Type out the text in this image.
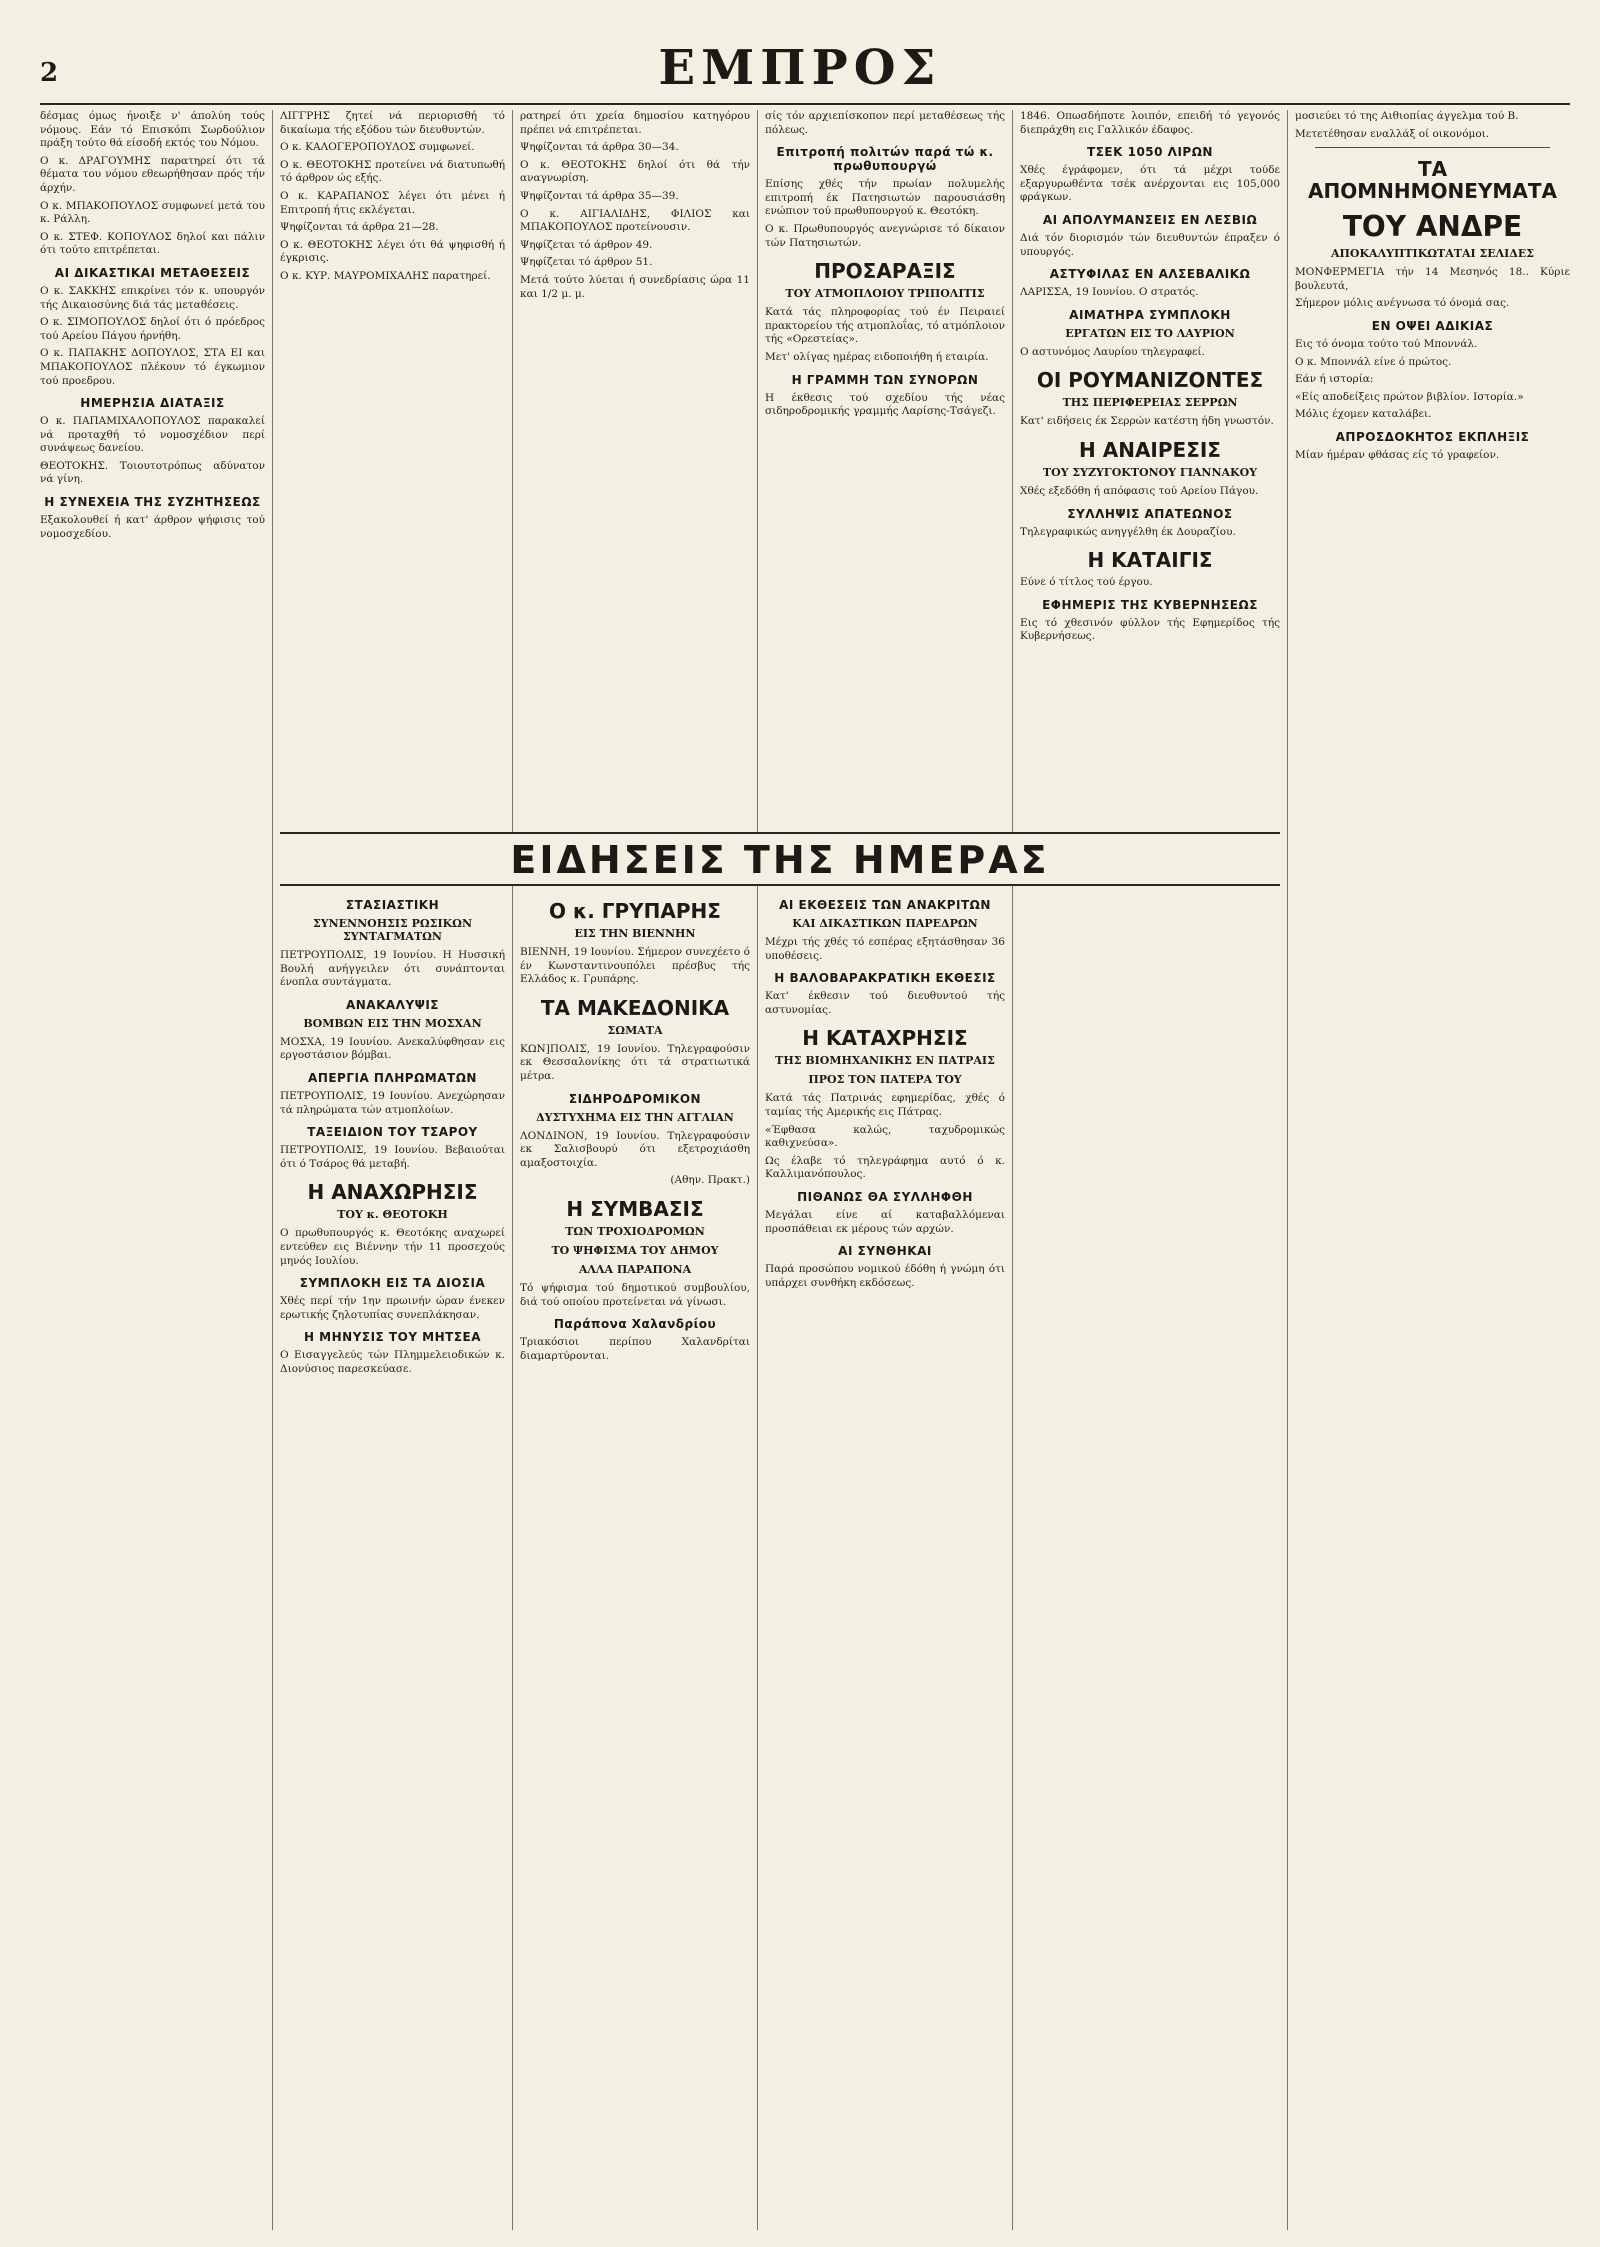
2	ΕΜΠΡΟΣ

δέσμας όμως ήνοιξε ν' άπολύη τούς νόμους. Εάν τό Επισκόπι Σωρδούλιον πράξη τούτο θά είσοδή εκτός του Νόμου.

Ο κ. ΔΡΑΓΟΥΜΗΣ παρατηρεί ότι τά θέματα του νόμου εθεωρήθησαν πρός τήν άρχήν.

Ο κ. ΜΠΑΚΟΠΟΥΛΟΣ συμφωνεί μετά του κ. Ράλλη.

Ο κ. ΣΤΕΦ. ΚΟΠΟΥΛΟΣ δηλοί και πάλιν ότι τούτο επιτρέπεται.

ΑΙ ΔΙΚΑΣΤΙΚΑΙ ΜΕΤΑΘΕΣΕΙΣ

Ο κ. ΣΑΚΚΗΣ επικρίνει τόν κ. υπουργόν τής Δικαιοσύνης διά τάς μεταθέσεις.

Ο κ. ΣΙΜΟΠΟΥΛΟΣ δηλοί ότι ό πρόεδρος τού Αρείου Πάγου ήρνήθη.

Ο κ. ΠΑΠΑΚΗΣ ΔΟΠΟΥΛΟΣ, ΣΤΑ ΕΙ και ΜΠΑΚΟΠΟΥΛΟΣ πλέκουν τό έγκωμιον τού προεδρου.

ΗΜΕΡΗΣΙΑ ΔΙΑΤΑΞΙΣ

Ο κ. ΠΑΠΑΜΙΧΑΛΟΠΟΥΛΟΣ παρακαλεί νά προταχθή τό νομοσχέδιον περί συνάψεως δανείου.

ΘΕΟΤΟΚΗΣ. Τοιουτοτρόπως αδύνατον νά γίνη.

Η ΣΥΝΕΧΕΙΑ ΤΗΣ ΣΥΖΗΤΗΣΕΩΣ

Εξακολουθεί ή κατ' άρθρον ψήφισις τού νομοσχεδίου.

ΛΙΓΓΡΗΣ ζητεί νά περιορισθή τό δικαίωμα τής εξόδου τών διευθυντών.

Ο κ. ΚΑΛΟΓΕΡΟΠΟΥΛΟΣ συμφωνεί.

Ο κ. ΘΕΟΤΟΚΗΣ προτείνει νά διατυπωθή τό άρθρον ώς εξής.

Ο κ. ΚΑΡΑΠΑΝΟΣ λέγει ότι μένει ή Επιτροπή ήτις εκλέγεται.

Ψηφίζονται τά άρθρα 21—28.

Ο κ. ΘΕΟΤΟΚΗΣ λέγει ότι θά ψηφισθή ή έγκρισις.

Ο κ. ΚΥΡ. ΜΑΥΡΟΜΙΧΑΛΗΣ παρατηρεί.

ρατηρεί ότι χρεία δημοσίου κατηγόρου πρέπει νά επιτρέπεται.

Ψηφίζονται τά άρθρα 30—34.

Ο κ. ΘΕΟΤΟΚΗΣ δηλοί ότι θά τήν αναγνωρίση.

Ψηφίζονται τά άρθρα 35—39.

Ο κ. ΑΙΓΙΑΛΙΔΗΣ, ΦΙΛΙΟΣ και ΜΠΑΚΟΠΟΥΛΟΣ προτείνουσιν.

Ψηφίζεται τό άρθρον 49.

Ψηφίζεται τό άρθρον 51.

Μετά τούτο λύεται ή συνεδρίασις ώρα 11 και 1/2 μ. μ.

σίς τόν αρχιεπίσκοπον περί μεταθέσεως τής πόλεως.

Επιτροπή πολιτών παρά τώ κ. πρωθυπουργώ

Επίσης χθές τήν πρωίαν πολυμελής επιτροπή έκ Πατησιωτών παρουσιάσθη ενώπιον τού πρωθυπουργού κ. Θεοτόκη.

Ο κ. Πρωθυπουργός ανεγνώρισε τό δίκαιον τών Πατησιωτών.

ΠΡΟΣΑΡΑΞΙΣ
ΤΟΥ ΑΤΜΟΠΛΟΙΟΥ ΤΡΙΠΟΛΙΤΙΣ

Κατά τάς πληροφορίας τού έν Πειραιεί πρακτορείου τής ατμοπλοΐας, τό ατμόπλοιον τής «Ορεστείας».

Μετ' ολίγας ημέρας ειδοποιήθη ή εταιρία.

Η ΓΡΑΜΜΗ ΤΩΝ ΣΥΝΟΡΩΝ

Η έκθεσις τού σχεδίου τής νέας σιδηροδρομικής γραμμής Λαρίσης-Τσάγεζι.

ΕΙΔΗΣΕΙΣ ΤΗΣ ΗΜΕΡΑΣ
ΣΤΑΣΙΑΣΤΙΚΗ
ΣΥΝΕΝΝΟΗΣΙΣ ΡΩΣΙΚΩΝ ΣΥΝΤΑΓΜΑΤΩΝ

ΠΕΤΡΟΥΠΟΛΙΣ, 19 Ιουνίου. Η Ηυσσική Βουλή ανήγγειλεν ότι συνάπτονται ένοπλα συντάγματα.

ΑΝΑΚΑΛΥΨΙΣ
ΒΟΜΒΩΝ ΕΙΣ ΤΗΝ ΜΟΣΧΑΝ

ΜΟΣΧΑ, 19 Ιουνίου. Ανεκαλύφθησαν εις εργοστάσιον βόμβαι.

ΑΠΕΡΓΙΑ ΠΛΗΡΩΜΑΤΩΝ

ΠΕΤΡΟΥΠΟΛΙΣ, 19 Ιουνίου. Ανεχώρησαν τά πληρώματα τών ατμοπλοίων.

ΤΑΞΕΙΔΙΟΝ ΤΟΥ ΤΣΑΡΟΥ

ΠΕΤΡΟΥΠΟΛΙΣ, 19 Ιουνίου. Βεβαιούται ότι ό Τσάρος θά μεταβή.

Η ΑΝΑΧΩΡΗΣΙΣ
ΤΟΥ κ. ΘΕΟΤΟΚΗ

Ο πρωθυπουργός κ. Θεοτόκης αναχωρεί εντεύθεν εις Βιέννην τήν 11 προσεχούς μηνός Ιουλίου.

ΣΥΜΠΛΟΚΗ ΕΙΣ ΤΑ ΔΙΟΣΙΑ

Χθές περί τήν 1ην πρωινήν ώραν ένεκεν ερωτικής ζηλοτυπίας συνεπλάκησαν.

Η ΜΗΝΥΣΙΣ ΤΟΥ ΜΗΤΣΕΑ

Ο Εισαγγελεύς τών Πλημμελειοδικών κ. Διονύσιος παρεσκεύασε.

Ο κ. ΓΡΥΠΑΡΗΣ
ΕΙΣ ΤΗΝ ΒΙΕΝΝΗΝ

ΒΙΕΝΝΗ, 19 Ιουνίου. Σήμερον συνεχέετο ό έν Κωνσταντινουπόλει πρέσβυς τής Ελλάδος κ. Γρυπάρης.

ΤΑ ΜΑΚΕΔΟΝΙΚΑ
ΣΩΜΑΤΑ

ΚΩΝ]ΠΟΛΙΣ, 19 Ιουνίου. Τηλεγραφούσιν εκ Θεσσαλονίκης ότι τά στρατιωτικά μέτρα.

ΣΙΔΗΡΟΔΡΟΜΙΚΟΝ
ΔΥΣΤΥΧΗΜΑ ΕΙΣ ΤΗΝ ΑΓΓΛΙΑΝ

ΛΟΝΔΙΝΟΝ, 19 Ιουνίου. Τηλεγραφούσιν εκ Σαλισβουρύ ότι εξετροχιάσθη αμαξοστοιχία.

(Αθην. Πρακτ.)

Η ΣΥΜΒΑΣΙΣ
ΤΩΝ ΤΡΟΧΙΟΔΡΟΜΩΝ
ΤΟ ΨΗΦΙΣΜΑ ΤΟΥ ΔΗΜΟΥ
ΑΛΛΑ ΠΑΡΑΠΟΝΑ

Τό ψήφισμα τού δημοτικού συμβουλίου, διά τού οποίου προτείνεται νά γίνωσι.

Παράπονα Χαλανδρίου

Τριακόσιοι περίπου Χαλανδρίται διαμαρτύρονται.

ΑΙ ΕΚΘΕΣΕΙΣ ΤΩΝ ΑΝΑΚΡΙΤΩΝ
ΚΑΙ ΔΙΚΑΣΤΙΚΩΝ ΠΑΡΕΔΡΩΝ

Μέχρι τής χθές τό εσπέρας εξητάσθησαν 36 υποθέσεις.

Η ΒΑΛΟΒΑΡΑΚΡΑΤΙΚΗ ΕΚΘΕΣΙΣ

Κατ' έκθεσιν τού διευθυντού τής αστυνομίας.

Η ΚΑΤΑΧΡΗΣΙΣ
ΤΗΣ ΒΙΟΜΗΧΑΝΙΚΗΣ ΕΝ ΠΑΤΡΑΙΣ
ΠΡΟΣ ΤΟΝ ΠΑΤΕΡΑ ΤΟΥ

Κατά τάς Πατρινάς εφημερίδας, χθές ό ταμίας τής Αμερικής εις Πάτρας.

«Έφθασα καλώς, ταχυδρομικώς καθιχνεύσα».

Ως έλαβε τό τηλεγράφημα αυτό ό κ. Καλλιμανόπουλος.

ΠΙΘΑΝΩΣ ΘΑ ΣΥΛΛΗΦΘΗ

Μεγάλαι είνε αί καταβαλλόμεναι προσπάθειαι εκ μέρους τών αρχών.

ΑΙ ΣΥΝΘΗΚΑΙ

Παρά προσώπου νομικού έδόθη ή γνώμη ότι υπάρχει συνθήκη εκδόσεως.

1846. Οπωσδήποτε λοιπόν, επειδή τό γεγονός διεπράχθη εις Γαλλικόν έδαφος.

ΤΣΕΚ 1050 ΛΙΡΩΝ

Χθές έγράφομεν, ότι τά μέχρι τούδε εξαργυρωθέντα τσέκ ανέρχονται εις 105,000 φράγκων.

ΑΙ ΑΠΟΛΥΜΑΝΣΕΙΣ ΕΝ ΛΕΣΒΙΩ

Διά τόν διορισμόν τών διευθυντών έπραξεν ό υπουργός.

ΑΣΤΥΦΙΛΑΣ ΕΝ ΑΛΣΕΒΑΛΙΚΩ

ΛΑΡΙΣΣΑ, 19 Ιουνίου. Ο στρατός.

ΑΙΜΑΤΗΡΑ ΣΥΜΠΛΟΚΗ
ΕΡΓΑΤΩΝ ΕΙΣ ΤΟ ΛΑΥΡΙΟΝ

Ο αστυνόμος Λαυρίου τηλεγραφεί.

ΟΙ ΡΟΥΜΑΝΙΖΟΝΤΕΣ
ΤΗΣ ΠΕΡΙΦΕΡΕΙΑΣ ΣΕΡΡΩΝ

Κατ' ειδήσεις έκ Σερρών κατέστη ήδη γνωστόν.

Η ΑΝΑΙΡΕΣΙΣ
ΤΟΥ ΣΥΖΥΓΟΚΤΟΝΟΥ ΓΙΑΝΝΑΚΟΥ

Χθές εξεδόθη ή απόφασις τού Αρείου Πάγου.

ΣΥΛΛΗΨΙΣ ΑΠΑΤΕΩΝΟΣ

Τηλεγραφικώς ανηγγέλθη έκ Δουραζίου.

Η ΚΑΤΑΙΓΙΣ

Εύνε ό τίτλος τού έργου.

ΕΦΗΜΕΡΙΣ ΤΗΣ ΚΥΒΕΡΝΗΣΕΩΣ

Εις τό χθεσινόν φύλλον τής Εφημερίδος τής Κυβερνήσεως.

μοσιεύει τό της Αιθιοπίας άγγελμα τού Β.

Μετετέθησαν εναλλάξ οί οικονόμοι.

ΤΑ ΑΠΟΜΝΗΜΟΝΕΥΜΑΤΑ
ΤΟΥ ΑΝΔΡΕ
ΑΠΟΚΑΛΥΠΤΙΚΩΤΑΤΑΙ ΣΕΛΙΔΕΣ

ΜΟΝΦΕΡΜΕΓΙΑ τήν 14 Μεσηνός 18.. Κύριε βουλευτά,

Σήμερον μόλις ανέγνωσα τό όνομά σας.

ΕΝ ΟΨΕΙ ΑΔΙΚΙΑΣ

Εις τό όνομα τούτο τού Μποννάλ.

Ο κ. Μποννάλ είνε ό πρώτος.

Εάν ή ιστορία:

«Είς αποδείξεις πρώτον βιβλίον. Ιστορία.»

Μόλις έχομεν καταλάβει.

ΑΠΡΟΣΔΟΚΗΤΟΣ ΕΚΠΛΗΞΙΣ

Μίαν ήμέραν φθάσας είς τό γραφείον.
